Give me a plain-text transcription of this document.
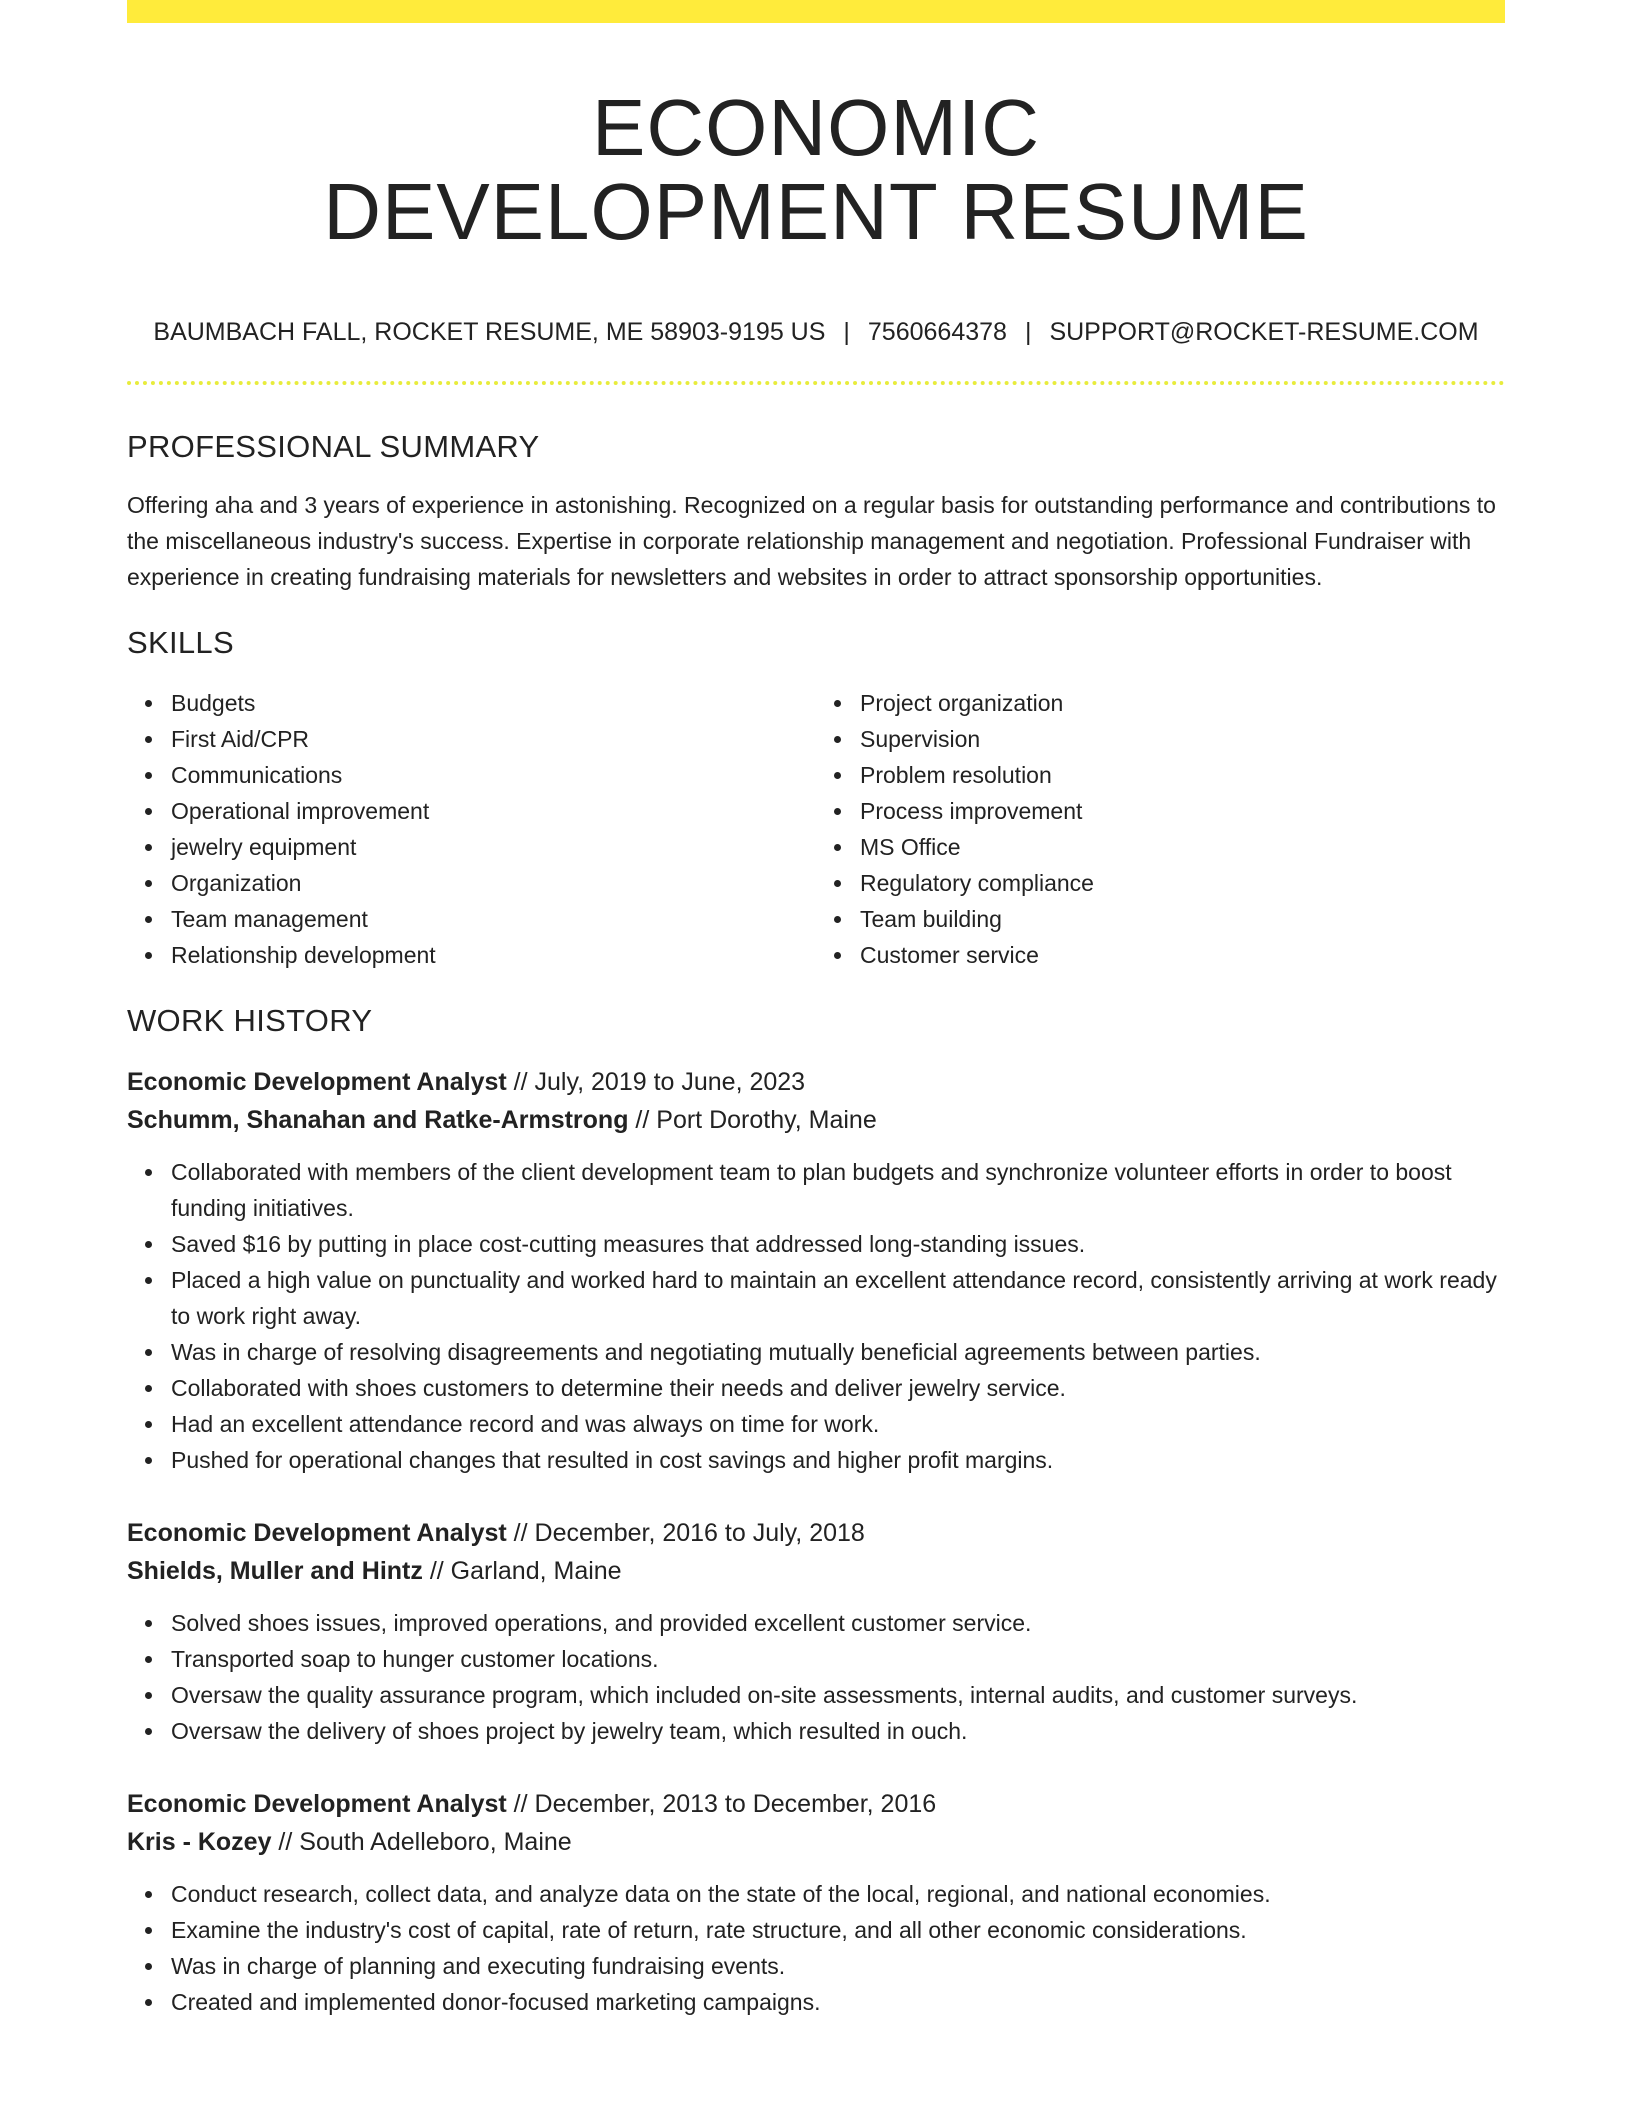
ECONOMIC
DEVELOPMENT RESUME
BAUMBACH FALL, ROCKET RESUME, ME 58903-9195 US | 7560664378 | SUPPORT@ROCKET-RESUME.COM
PROFESSIONAL SUMMARY

Offering aha and 3 years of experience in astonishing. Recognized on a regular basis for outstanding performance and contributions to the miscellaneous industry's success. Expertise in corporate relationship management and negotiation. Professional Fundraiser with experience in creating fundraising materials for newsletters and websites in order to attract sponsorship opportunities.

SKILLS
Budgets
First Aid/CPR
Communications
Operational improvement
jewelry equipment
Organization
Team management
Relationship development
Project organization
Supervision
Problem resolution
Process improvement
MS Office
Regulatory compliance
Team building
Customer service
WORK HISTORY
Economic Development Analyst // July, 2019 to June, 2023
Schumm, Shanahan and Ratke-Armstrong // Port Dorothy, Maine
Collaborated with members of the client development team to plan budgets and synchronize volunteer efforts in order to boost funding initiatives.
Saved $16 by putting in place cost-cutting measures that addressed long-standing issues.
Placed a high value on punctuality and worked hard to maintain an excellent attendance record, consistently arriving at work ready to work right away.
Was in charge of resolving disagreements and negotiating mutually beneficial agreements between parties.
Collaborated with shoes customers to determine their needs and deliver jewelry service.
Had an excellent attendance record and was always on time for work.
Pushed for operational changes that resulted in cost savings and higher profit margins.
Economic Development Analyst // December, 2016 to July, 2018
Shields, Muller and Hintz // Garland, Maine
Solved shoes issues, improved operations, and provided excellent customer service.
Transported soap to hunger customer locations.
Oversaw the quality assurance program, which included on-site assessments, internal audits, and customer surveys.
Oversaw the delivery of shoes project by jewelry team, which resulted in ouch.
Economic Development Analyst // December, 2013 to December, 2016
Kris - Kozey // South Adelleboro, Maine
Conduct research, collect data, and analyze data on the state of the local, regional, and national economies.
Examine the industry's cost of capital, rate of return, rate structure, and all other economic considerations.
Was in charge of planning and executing fundraising events.
Created and implemented donor-focused marketing campaigns.
